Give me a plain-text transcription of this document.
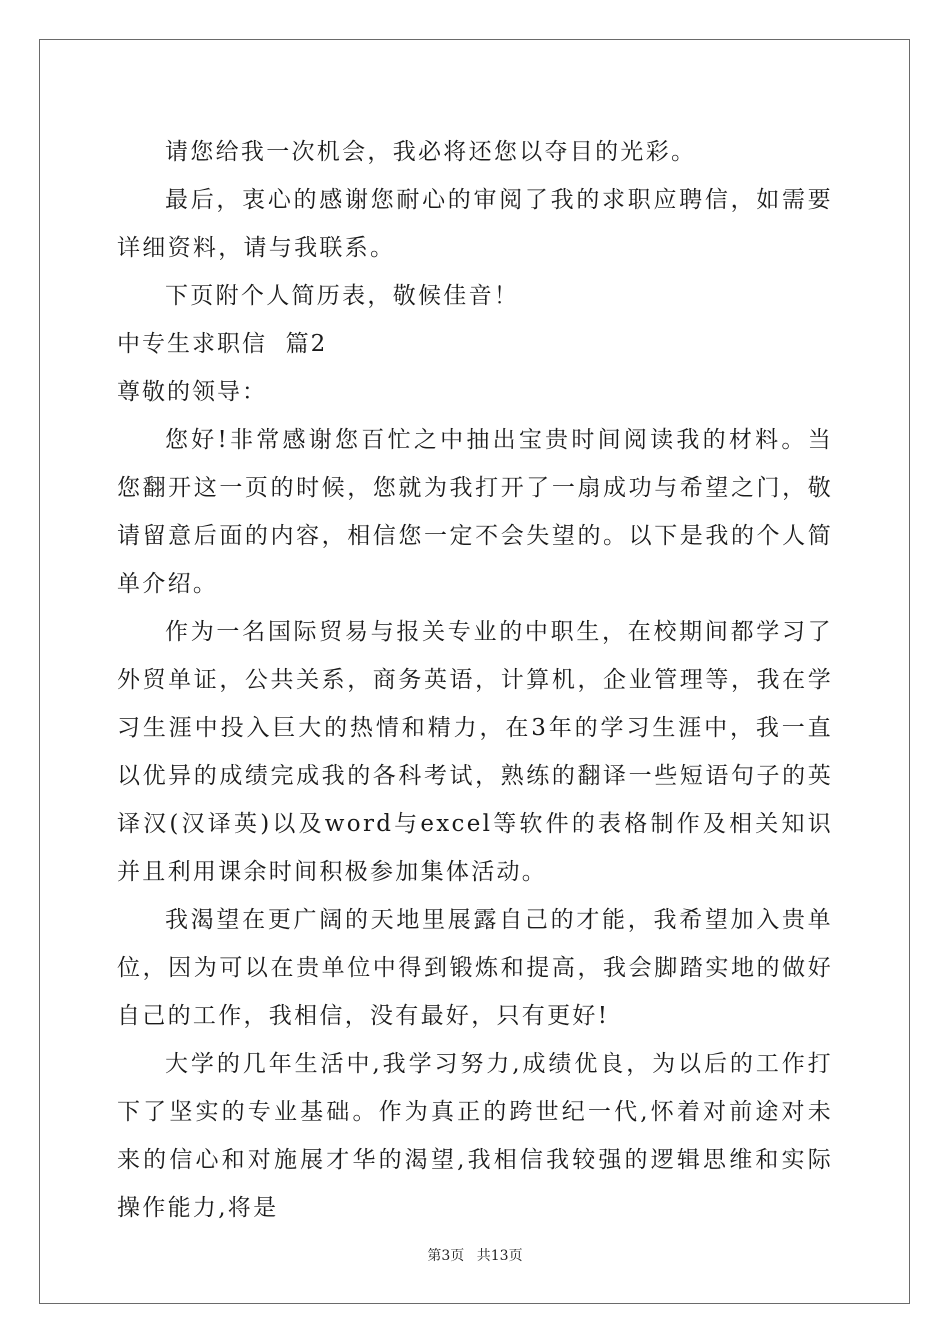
请您给我一次机会，我必将还您以夺目的光彩。

最后，衷心的感谢您耐心的审阅了我的求职应聘信，如需要详细资料，请与我联系。

下页附个人简历表，敬候佳音！

中专生求职信  篇2

尊敬的领导：

您好!非常感谢您百忙之中抽出宝贵时间阅读我的材料。当您翻开这一页的时候，您就为我打开了一扇成功与希望之门，敬请留意后面的内容，相信您一定不会失望的。以下是我的个人简单介绍。

作为一名国际贸易与报关专业的中职生，在校期间都学习了外贸单证，公共关系，商务英语，计算机，企业管理等，我在学习生涯中投入巨大的热情和精力，在3年的学习生涯中，我一直以优异的成绩完成我的各科考试，熟练的翻译一些短语句子的英译汉(汉译英)以及word与excel等软件的表格制作及相关知识并且利用课余时间积极参加集体活动。

我渴望在更广阔的天地里展露自己的才能，我希望加入贵单位，因为可以在贵单位中得到锻炼和提高，我会脚踏实地的做好自己的工作，我相信，没有最好，只有更好!

大学的几年生活中,我学习努力,成绩优良，为以后的工作打下了坚实的专业基础。作为真正的跨世纪一代,怀着对前途对未来的信心和对施展才华的渴望,我相信我较强的逻辑思维和实际操作能力,将是

第3页 共13页
